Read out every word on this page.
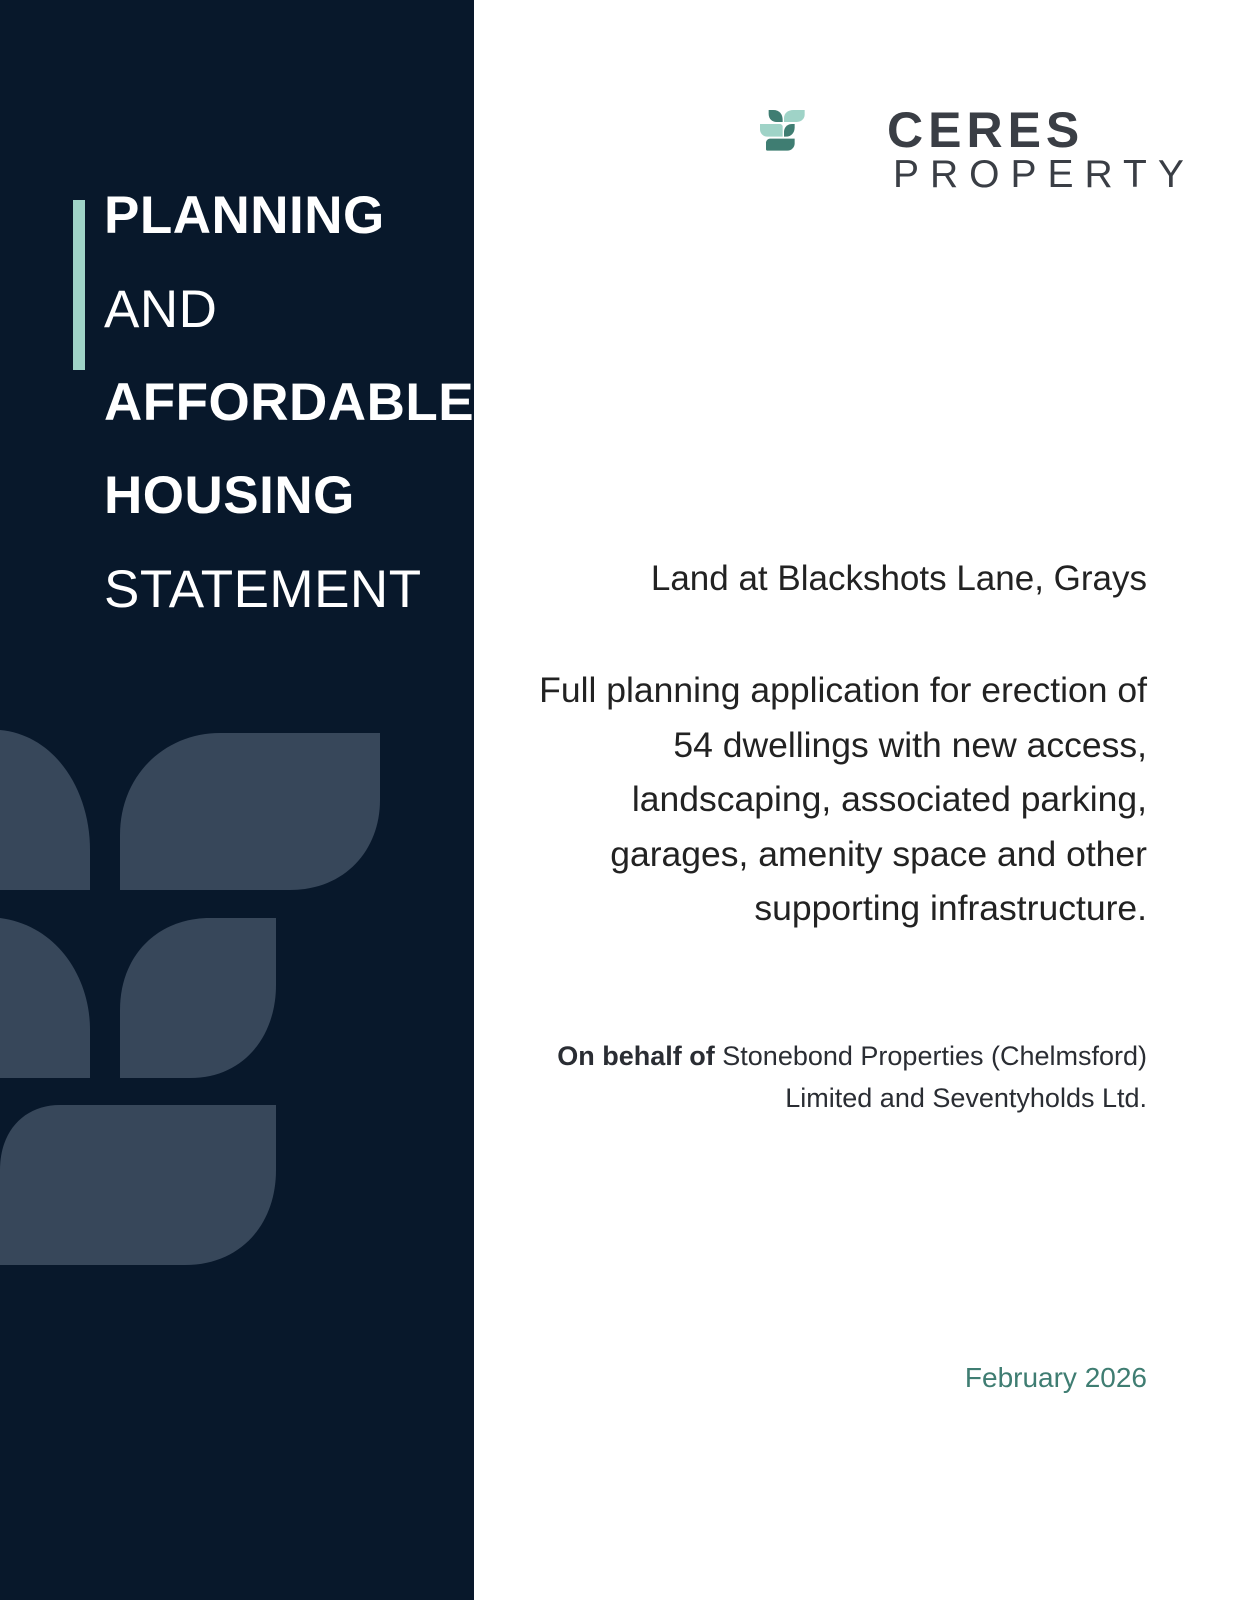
PLANNING
AND
AFFORDABLE
HOUSING
STATEMENT
CERES
PROPERTY
Land at Blackshots Lane, Grays
Full planning application for erection of 54 dwellings with new access, landscaping, associated parking, garages, amenity space and other supporting infrastructure.
On behalf of Stonebond Properties (Chelmsford) Limited and Seventyholds Ltd.
February 2026
